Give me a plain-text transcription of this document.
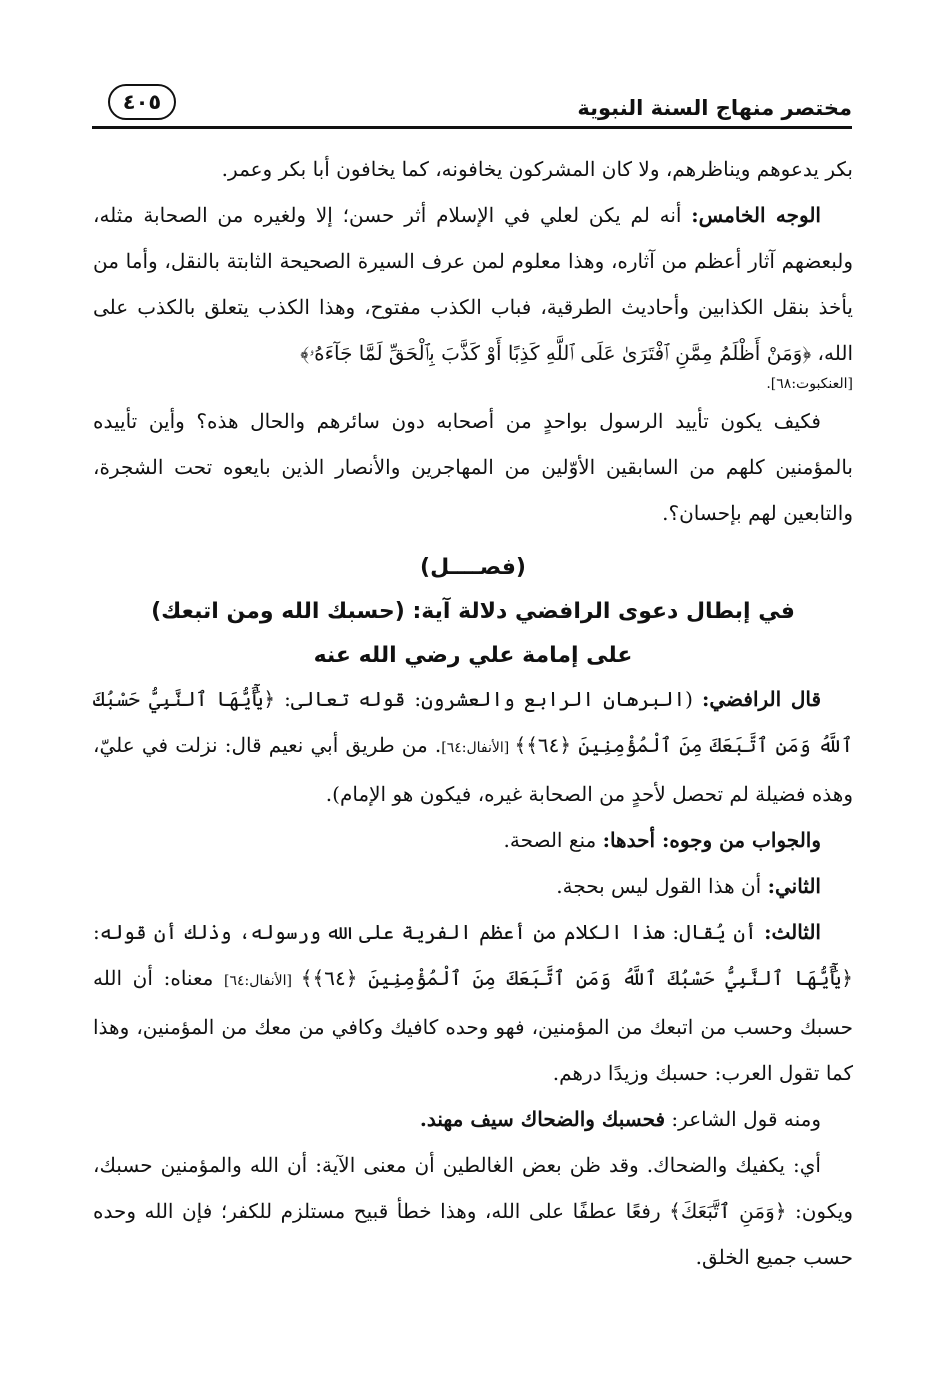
مختصر منهاج السنة النبوية
٤٠٥

بكر يدعوهم ويناظرهم، ولا كان المشركون يخافونه، كما يخافون أبا بكر وعمر.

الوجه الخامس: أنه لم يكن لعلي في الإسلام أثر حسن؛ إلا ولغيره من الصحابة مثله، ولبعضهم آثار أعظم من آثاره، وهذا معلوم لمن عرف السيرة الصحيحة الثابتة بالنقل، وأما من يأخذ بنقل الكذابين وأحاديث الطرقية، فباب الكذب مفتوح، وهذا الكذب يتعلق بالكذب على الله، ﴿وَمَنْ أَظْلَمُ مِمَّنِ ٱفْتَرَىٰ عَلَى ٱللَّهِ كَذِبًا أَوْ كَذَّبَ بِٱلْحَقِّ لَمَّا جَآءَهُۥ﴾

[العنكبوت:٦٨].

فكيف يكون تأييد الرسول بواحدٍ من أصحابه دون سائرهم والحال هذه؟ وأين تأييده بالمؤمنين كلهم من السابقين الأوّلين من المهاجرين والأنصار الذين بايعوه تحت الشجرة، والتابعين لهم بإحسان؟.

(فصــــل)

في إبطال دعوى الرافضي دلالة آية: (حسبك الله ومن اتبعك)

على إمامة علي رضي الله عنه

قال الرافضي: (البرهان الرابع والعشرون: قوله تعالى: ﴿يَٰٓأَيُّهَا ٱلنَّبِيُّ حَسْبُكَ ٱللَّهُ وَمَنِ ٱتَّبَعَكَ مِنَ ٱلْمُؤْمِنِينَ ﴿٦٤﴾﴾ [الأنفال:٦٤]. من طريق أبي نعيم قال: نزلت في عليّ، وهذه فضيلة لم تحصل لأحدٍ من الصحابة غيره، فيكون هو الإمام).

والجواب من وجوه: أحدها: منع الصحة.

الثاني: أن هذا القول ليس بحجة.

الثالث: أن يُقال: هذا الكلام من أعظم الفرية على الله ورسوله، وذلك أن قوله: ﴿يَٰٓأَيُّهَا ٱلنَّبِيُّ حَسْبُكَ ٱللَّهُ وَمَنِ ٱتَّبَعَكَ مِنَ ٱلْمُؤْمِنِينَ ﴿٦٤﴾﴾ [الأنفال:٦٤] معناه: أن الله حسبك وحسب من اتبعك من المؤمنين، فهو وحده كافيك وكافي من معك من المؤمنين، وهذا كما تقول العرب: حسبك وزيدًا درهم.

ومنه قول الشاعر: فحسبك والضحاك سيف مهند.

أي: يكفيك والضحاك. وقد ظن بعض الغالطين أن معنى الآية: أن الله والمؤمنين حسبك، ويكون: ﴿وَمَنِ ٱتَّبَعَكَ﴾ رفعًا عطفًا على الله، وهذا خطأ قبيح مستلزم للكفر؛ فإن الله وحده حسب جميع الخلق.
